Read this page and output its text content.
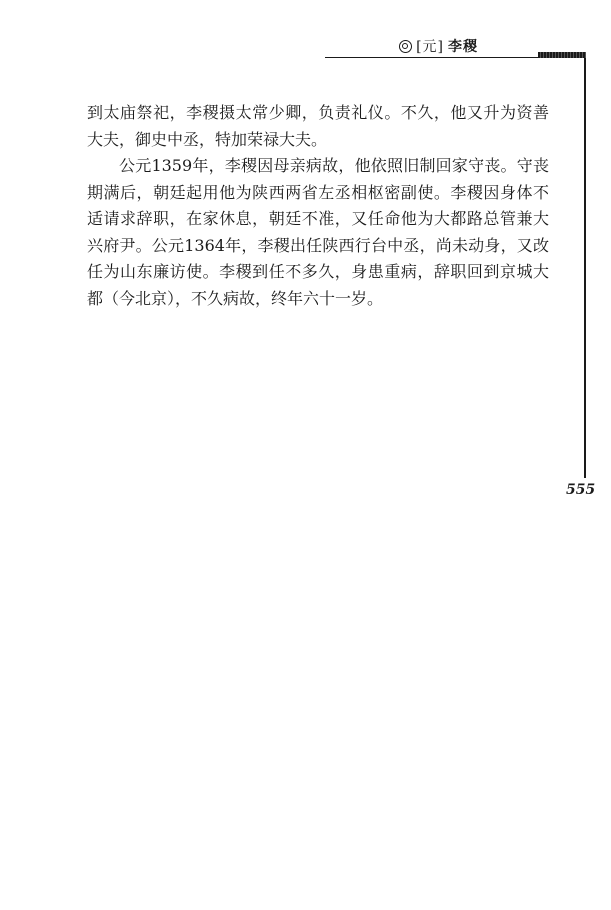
[元] 李稷

到太庙祭祀，李稷摄太常少卿，负责礼仪。不久，他又升为资善大夫，御史中丞，特加荣禄大夫。

公元1359年，李稷因母亲病故，他依照旧制回家守丧。守丧期满后，朝廷起用他为陕西两省左丞相枢密副使。李稷因身体不适请求辞职，在家休息，朝廷不准，又任命他为大都路总管兼大兴府尹。公元1364年，李稷出任陕西行台中丞，尚未动身，又改任为山东廉访使。李稷到任不多久，身患重病，辞职回到京城大都（今北京），不久病故，终年六十一岁。

555
